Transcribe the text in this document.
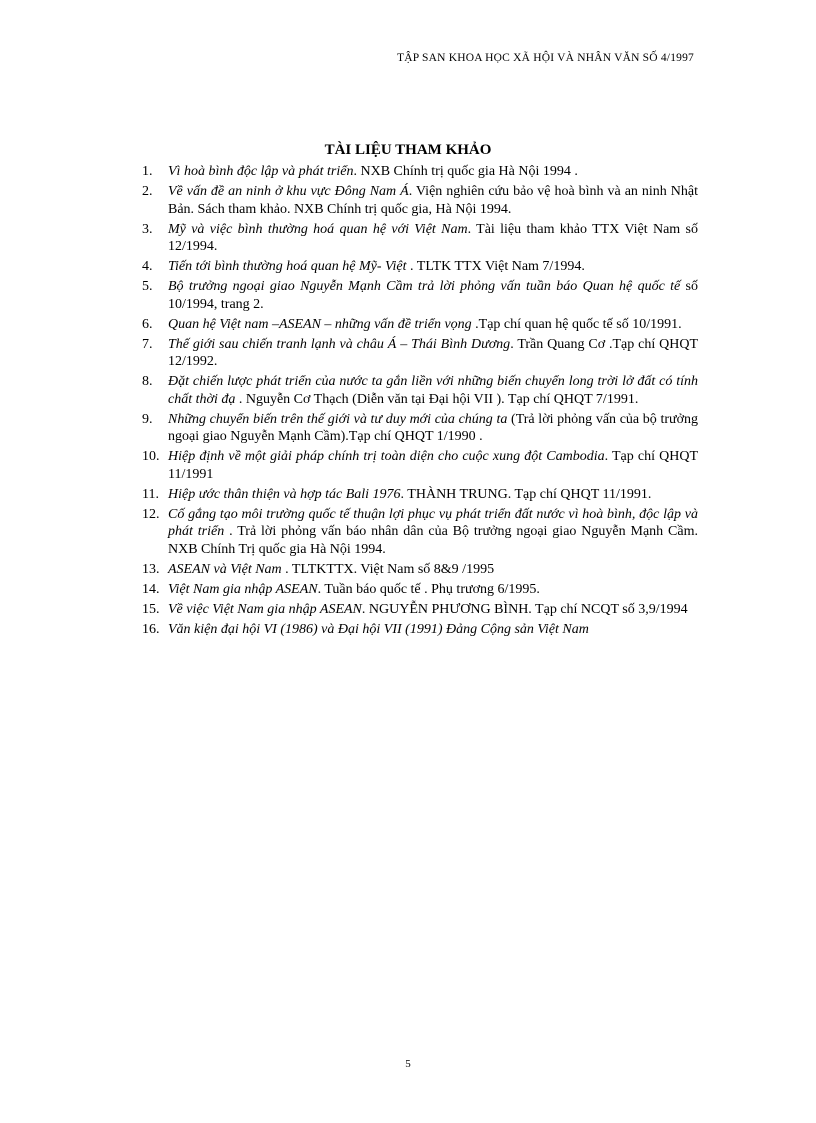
TẬP SAN KHOA HỌC XÃ HỘI VÀ NHÂN VĂN SỐ 4/1997
TÀI LIỆU THAM KHẢO
1. Vì hoà bình độc lập và phát triển. NXB Chính trị quốc gia Hà Nội 1994 .
2. Về vấn đề an ninh ở khu vực Đông Nam Á. Viện nghiên cứu bảo vệ hoà bình và an ninh Nhật Bản. Sách tham khảo. NXB Chính trị quốc gia, Hà Nội 1994.
3. Mỹ và việc bình thường hoá quan hệ với Việt Nam. Tài liệu tham khảo TTX Việt Nam số 12/1994.
4. Tiến tới bình thường hoá quan hệ Mỹ- Việt . TLTK TTX Việt Nam 7/1994.
5. Bộ trưởng ngoại giao Nguyễn Mạnh Cầm trả lời phỏng vấn tuần báo Quan hệ quốc tế số 10/1994, trang 2.
6. Quan hệ Việt nam –ASEAN – những vấn đề triển vọng .Tạp chí quan hệ quốc tế số 10/1991.
7. Thế giới sau chiến tranh lạnh và châu Á – Thái Bình Dương. Trần Quang Cơ .Tạp chí QHQT 12/1992.
8. Đặt chiến lược phát triển của nước ta gắn liền với những biến chuyển long trời lở đất có tính chất thời đạ . Nguyễn Cơ Thạch (Diễn văn tại Đại hội VII ). Tạp chí QHQT 7/1991.
9. Những chuyển biến trên thế giới và tư duy mới của chúng ta (Trả lời phỏng vấn của bộ trưởng ngoại giao Nguyễn Mạnh Cầm).Tạp chí QHQT 1/1990 .
10. Hiệp định về một giải pháp chính trị toàn diện cho cuộc xung đột Cambodia. Tạp chí QHQT 11/1991
11. Hiệp ước thân thiện và hợp tác Bali 1976. THÀNH TRUNG. Tạp chí QHQT 11/1991.
12. Cố gắng tạo môi trường quốc tế thuận lợi phục vụ phát triển đất nước vì hoà bình, độc lập và phát triển . Trả lời phỏng vấn báo nhân dân của Bộ trưởng ngoại giao Nguyễn Mạnh Cầm. NXB Chính Trị quốc gia Hà Nội 1994.
13. ASEAN và Việt Nam . TLTKTTX. Việt Nam số 8&9 /1995
14. Việt Nam gia nhập ASEAN. Tuần báo quốc tế . Phụ trương 6/1995.
15. Về việc Việt Nam gia nhập ASEAN. NGUYỄN PHƯƠNG BÌNH. Tạp chí NCQT số 3,9/1994
16. Văn kiện đại hội VI (1986) và Đại hội VII (1991) Đảng Cộng sản Việt Nam
5
